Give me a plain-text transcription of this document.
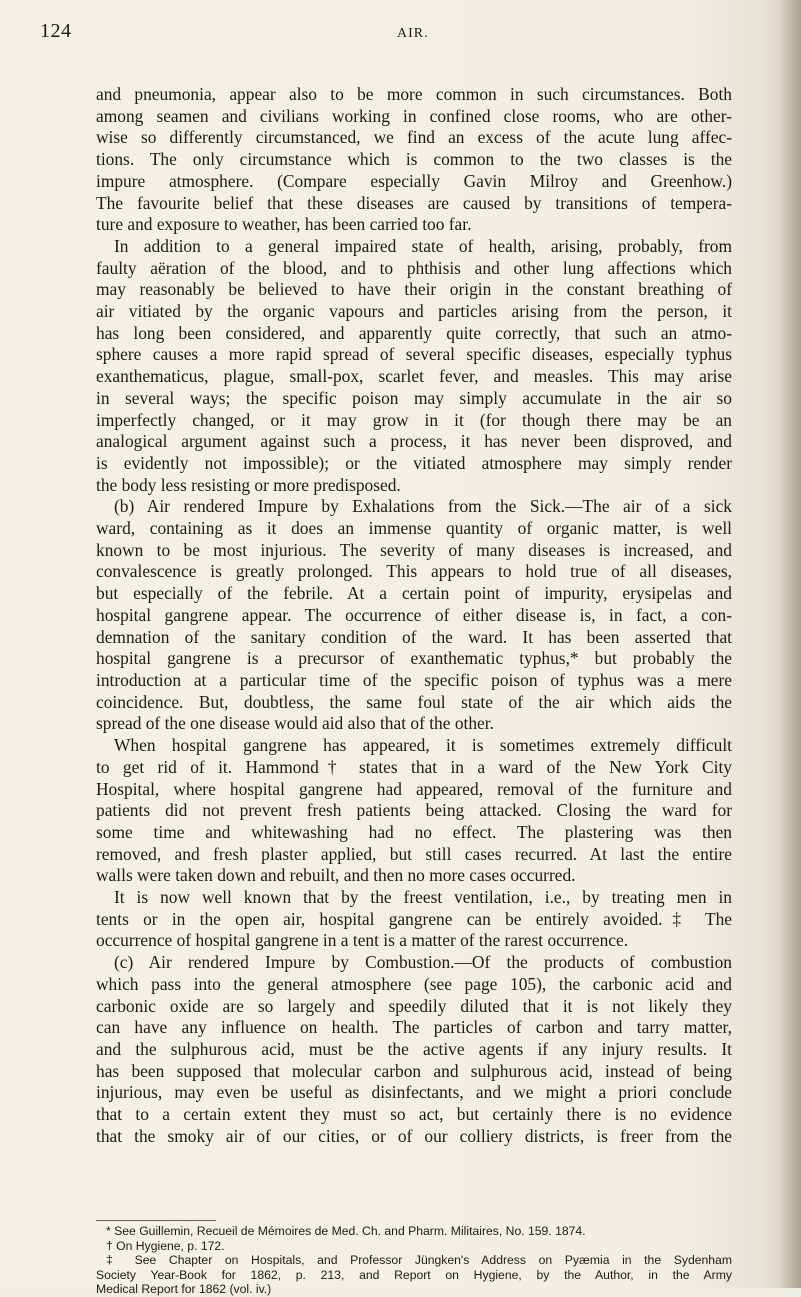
124	AIR.
and pneumonia, appear also to be more common in such circumstances. Both
among seamen and civilians working in confined close rooms, who are other-
wise so differently circumstanced, we find an excess of the acute lung affec-
tions. The only circumstance which is common to the two classes is the
impure atmosphere. (Compare especially Gavin Milroy and Greenhow.)
The favourite belief that these diseases are caused by transitions of tempera-
ture and exposure to weather, has been carried too far.
In addition to a general impaired state of health, arising, probably, from
faulty aëration of the blood, and to phthisis and other lung affections which
may reasonably be believed to have their origin in the constant breathing of
air vitiated by the organic vapours and particles arising from the person, it
has long been considered, and apparently quite correctly, that such an atmo-
sphere causes a more rapid spread of several specific diseases, especially typhus
exanthematicus, plague, small-pox, scarlet fever, and measles. This may arise
in several ways; the specific poison may simply accumulate in the air so
imperfectly changed, or it may grow in it (for though there may be an
analogical argument against such a process, it has never been disproved, and
is evidently not impossible); or the vitiated atmosphere may simply render
the body less resisting or more predisposed.
(b) Air rendered Impure by Exhalations from the Sick.—The air of a sick
ward, containing as it does an immense quantity of organic matter, is well
known to be most injurious. The severity of many diseases is increased, and
convalescence is greatly prolonged. This appears to hold true of all diseases,
but especially of the febrile. At a certain point of impurity, erysipelas and
hospital gangrene appear. The occurrence of either disease is, in fact, a con-
demnation of the sanitary condition of the ward. It has been asserted that
hospital gangrene is a precursor of exanthematic typhus,* but probably the
introduction at a particular time of the specific poison of typhus was a mere
coincidence. But, doubtless, the same foul state of the air which aids the
spread of the one disease would aid also that of the other.
When hospital gangrene has appeared, it is sometimes extremely difficult
to get rid of it. Hammond† states that in a ward of the New York City
Hospital, where hospital gangrene had appeared, removal of the furniture and
patients did not prevent fresh patients being attacked. Closing the ward for
some time and whitewashing had no effect. The plastering was then
removed, and fresh plaster applied, but still cases recurred. At last the entire
walls were taken down and rebuilt, and then no more cases occurred.
It is now well known that by the freest ventilation, i.e., by treating men in
tents or in the open air, hospital gangrene can be entirely avoided.‡ The
occurrence of hospital gangrene in a tent is a matter of the rarest occurrence.
(c) Air rendered Impure by Combustion.—Of the products of combustion
which pass into the general atmosphere (see page 105), the carbonic acid and
carbonic oxide are so largely and speedily diluted that it is not likely they
can have any influence on health. The particles of carbon and tarry matter,
and the sulphurous acid, must be the active agents if any injury results. It
has been supposed that molecular carbon and sulphurous acid, instead of being
injurious, may even be useful as disinfectants, and we might a priori conclude
that to a certain extent they must so act, but certainly there is no evidence
that the smoky air of our cities, or of our colliery districts, is freer from the
* See Guillemin, Recueil de Mémoires de Med. Ch. and Pharm. Militaires, No. 159. 1874.
† On Hygiene, p. 172.
‡ See Chapter on Hospitals, and Professor Jüngken's Address on Pyæmia in the Sydenham
Society Year-Book for 1862, p. 213, and Report on Hygiene, by the Author, in the Army
Medical Report for 1862 (vol. iv.)
